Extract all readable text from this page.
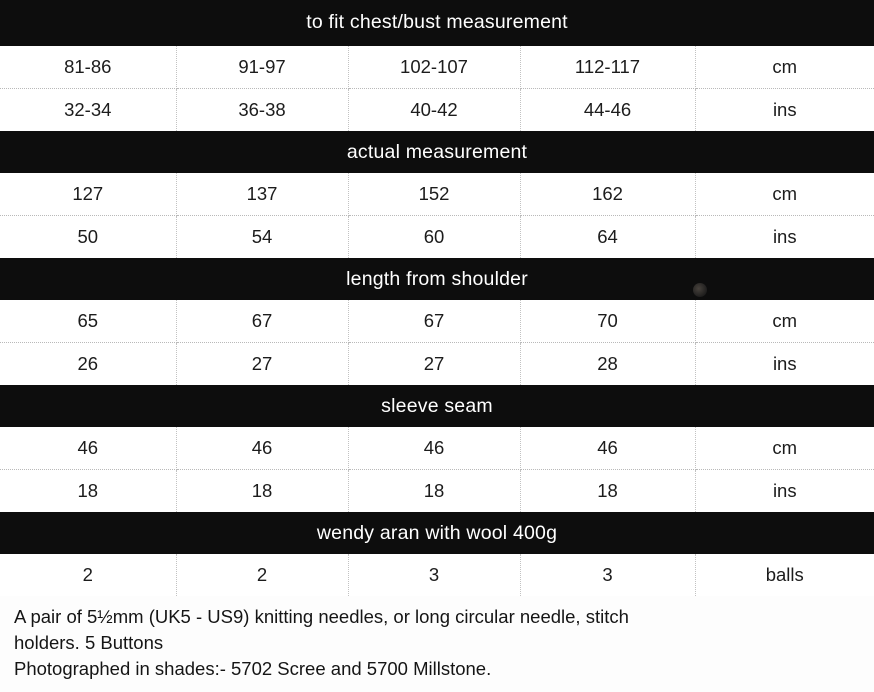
to fit chest/bust measurement				
81-86	91-97	102-107	112-117	cm
32-34	36-38	40-42	44-46	ins
actual measurement				
127	137	152	162	cm
50	54	60	64	ins
length from shoulder				
65	67	67	70	cm
26	27	27	28	ins
sleeve seam				
46	46	46	46	cm
18	18	18	18	ins
wendy aran with wool 400g				
2	2	3	3	balls
A pair of 5½mm (UK5 - US9) knitting needles, or long circular needle, stitch
holders. 5 Buttons
Photographed in shades:- 5702 Scree and 5700 Millstone.
